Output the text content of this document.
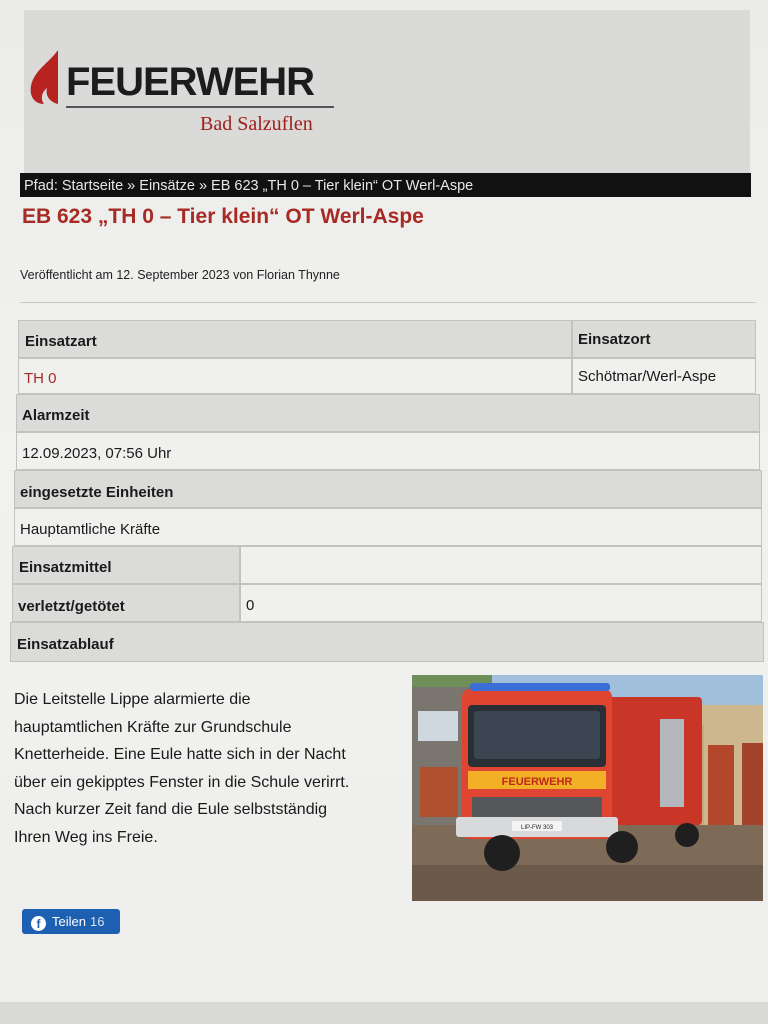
FEUERWEHR
Bad Salzuflen
Pfad: Startseite » Einsätze » EB 623 „TH 0 – Tier klein“ OT Werl-Aspe
EB 623 „TH 0 – Tier klein“ OT Werl-Aspe
Veröffentlicht am 12. September 2023 von Florian Thynne
Einsatzart	Einsatzort
TH 0	Schötmar/Werl-Aspe
Alarmzeit
12.09.2023, 07:56 Uhr
eingesetzte Einheiten
Hauptamtliche Kräfte
Einsatzmittel
verletzt/getötet	0
Einsatzablauf
Die Leitstelle Lippe alarmierte die
hauptamtlichen Kräfte zur Grundschule
Knetterheide. Eine Eule hatte sich in der Nacht
über ein gekipptes Fenster in die Schule verirrt.
Nach kurzer Zeit fand die Eule selbstständig
Ihren Weg ins Freie.
FEUERWEHR
LIP-FW 303
f Teilen 16
